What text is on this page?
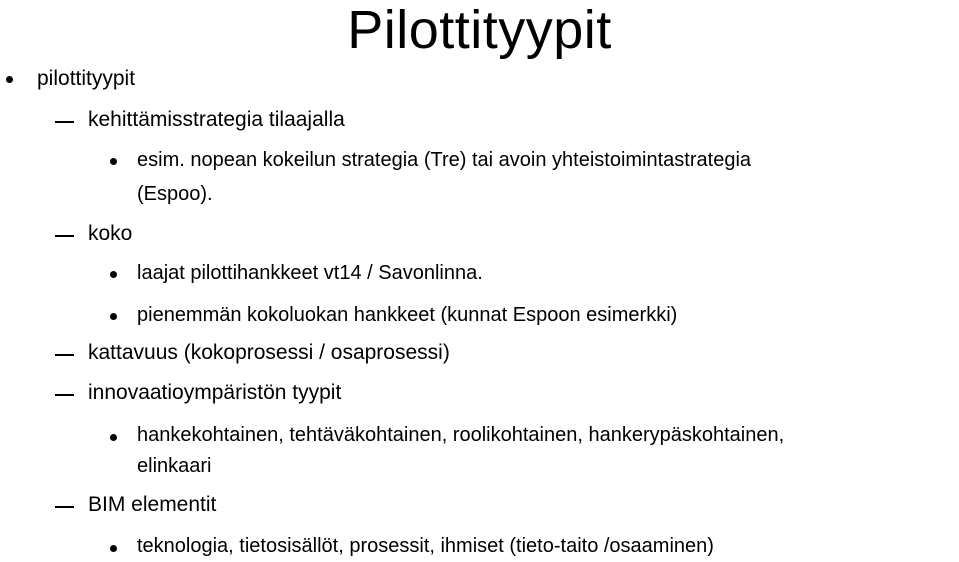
Pilottityypit
pilottityypit
kehittämisstrategia tilaajalla
esim. nopean kokeilun strategia (Tre) tai avoin yhteistoimintastrategia
(Espoo).
koko
laajat pilottihankkeet vt14 / Savonlinna.
pienemmän kokoluokan hankkeet (kunnat Espoon esimerkki)
kattavuus (kokoprosessi / osaprosessi)
innovaatioympäristön tyypit
hankekohtainen, tehtäväkohtainen, roolikohtainen, hankerypäskohtainen,
elinkaari
BIM elementit
teknologia, tietosisällöt, prosessit, ihmiset (tieto-taito /osaaminen)
